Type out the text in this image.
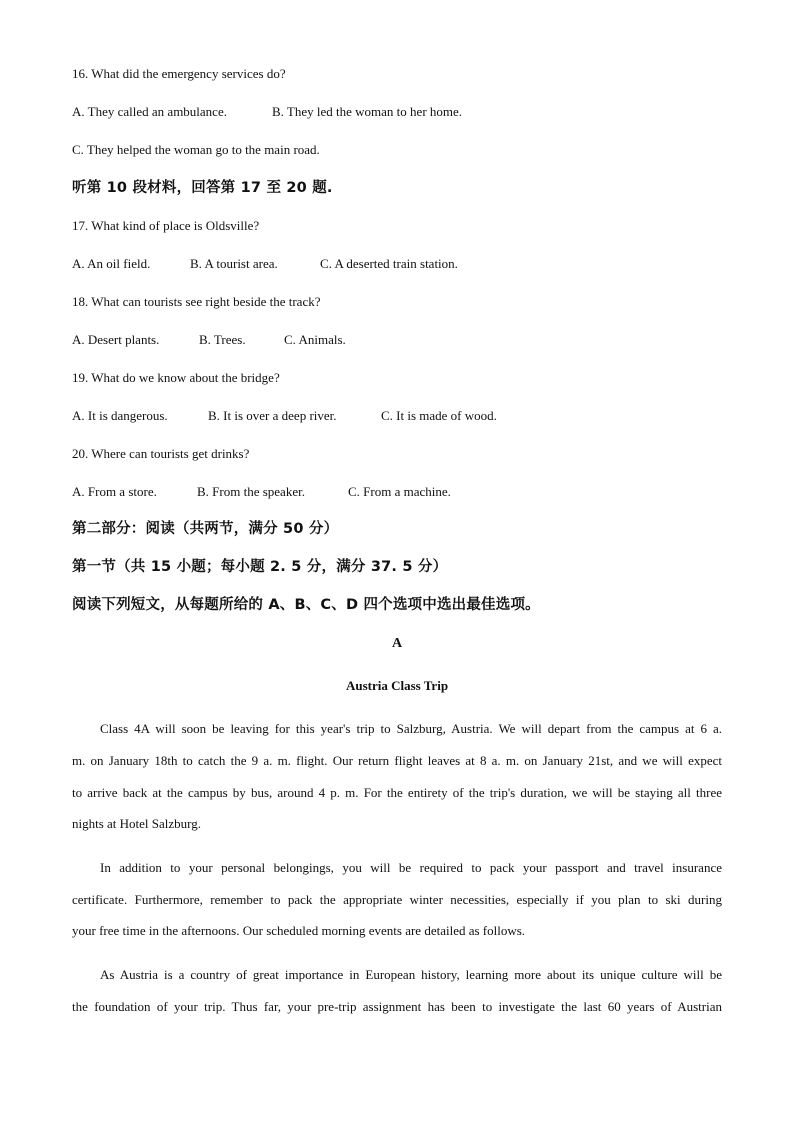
16. What did the emergency services do?
A. They called an ambulance.	B. They led the woman to her home.
C. They helped the woman go to the main road.
听第 10 段材料，回答第 17 至 20 题.
17. What kind of place is Oldsville?
A. An oil field.	B. A tourist area.	C. A deserted train station.
18. What can tourists see right beside the track?
A. Desert plants.	B. Trees.	C. Animals.
19. What do we know about the bridge?
A. It is dangerous.	B. It is over a deep river.	C. It is made of wood.
20. Where can tourists get drinks?
A. From a store.	B. From the speaker.	C. From a machine.
第二部分：阅读（共两节，满分 50 分）
第一节（共 15 小题；每小题 2. 5 分，满分 37. 5 分）
阅读下列短文，从每题所给的 A、B、C、D 四个选项中选出最佳选项。
A
Austria Class Trip
Class 4A will soon be leaving for this year's trip to Salzburg, Austria. We will depart from the campus at 6 a.
m. on January 18th to catch the 9 a. m. flight. Our return flight leaves at 8 a. m. on January 21st, and we will expect
to arrive back at the campus by bus, around 4 p. m. For the entirety of the trip's duration, we will be staying all three
nights at Hotel Salzburg.
In addition to your personal belongings, you will be required to pack your passport and travel insurance
certificate. Furthermore, remember to pack the appropriate winter necessities, especially if you plan to ski during
your free time in the afternoons. Our scheduled morning events are detailed as follows.
As Austria is a country of great importance in European history, learning more about its unique culture will be
the foundation of your trip. Thus far, your pre-trip assignment has been to investigate the last 60 years of Austrian
